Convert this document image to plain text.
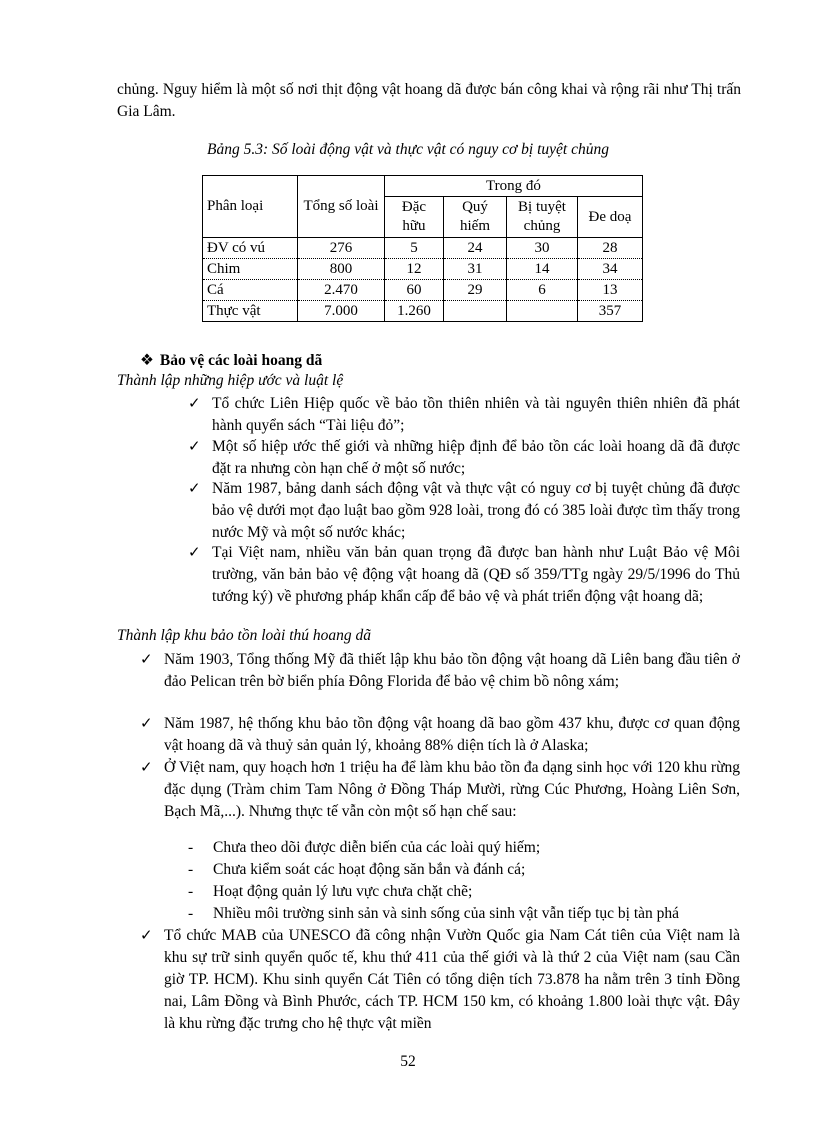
chủng. Nguy hiểm là một số nơi thịt động vật hoang dã được bán công khai và rộng rãi như Thị trấn Gia Lâm.
Bảng 5.3: Số loài động vật và thực vật có nguy cơ bị tuyệt chủng
Phân loại	Tổng số loài	Trong đó			
		Đặc hữu	Quý hiếm	Bị tuyệt chủng	Đe doạ
ĐV có vú	276	5	24	30	28
Chim	800	12	31	14	34
Cá	2.470	60	29	6	13
Thực vật	7.000	1.260			357
❖ Bảo vệ các loài hoang dã
Thành lập những hiệp ước và luật lệ
✓ Tổ chức Liên Hiệp quốc về bảo tồn thiên nhiên và tài nguyên thiên nhiên đã phát hành quyển sách “Tài liệu đỏ”;
✓ Một số hiệp ước thế giới và những hiệp định để bảo tồn các loài hoang dã đã được đặt ra nhưng còn hạn chế ở một số nước;
✓ Năm 1987, bảng danh sách động vật và thực vật có nguy cơ bị tuyệt chủng đã được bảo vệ dưới mọt đạo luật bao gồm 928 loài, trong đó có 385 loài được tìm thấy trong nước Mỹ và một số nước khác;
✓ Tại Việt nam, nhiều văn bản quan trọng đã được ban hành như Luật Bảo vệ Môi trường, văn bản bảo vệ động vật hoang dã (QĐ số 359/TTg ngày 29/5/1996 do Thủ tướng ký) về phương pháp khẩn cấp để bảo vệ và phát triển động vật hoang dã;
Thành lập khu bảo tồn loài thú hoang dã
✓ Năm 1903, Tổng thống Mỹ đã thiết lập khu bảo tồn động vật hoang dã Liên bang đầu tiên ở đảo Pelican trên bờ biển phía Đông Florida để bảo vệ chim bồ nông xám;
✓ Năm 1987, hệ thống khu bảo tồn động vật hoang dã bao gồm 437 khu, được cơ quan động vật hoang dã và thuỷ sản quản lý, khoảng 88% diện tích là ở Alaska;
✓ Ở Việt nam, quy hoạch hơn 1 triệu ha để làm khu bảo tồn đa dạng sinh học với 120 khu rừng đặc dụng (Tràm chim Tam Nông ở Đồng Tháp Mười, rừng Cúc Phương, Hoàng Liên Sơn, Bạch Mã,...). Nhưng thực tế vẫn còn một số hạn chế sau:
- Chưa theo dõi được diễn biến của các loài quý hiếm;
- Chưa kiểm soát các hoạt động săn bắn và đánh cá;
- Hoạt động quản lý lưu vực chưa chặt chẽ;
- Nhiều môi trường sinh sản và sinh sống của sinh vật vẫn tiếp tục bị tàn phá
✓ Tổ chức MAB của UNESCO đã công nhận Vườn Quốc gia Nam Cát tiên của Việt nam là khu sự trữ sinh quyển quốc tế, khu thứ 411 của thế giới và là thứ 2 của Việt nam (sau Cần giờ TP. HCM). Khu sinh quyển Cát Tiên có tổng diện tích 73.878 ha nằm trên 3 tỉnh Đồng nai, Lâm Đồng và Bình Phước, cách TP. HCM 150 km, có khoảng 1.800 loài thực vật. Đây là khu rừng đặc trưng cho hệ thực vật miền
52
